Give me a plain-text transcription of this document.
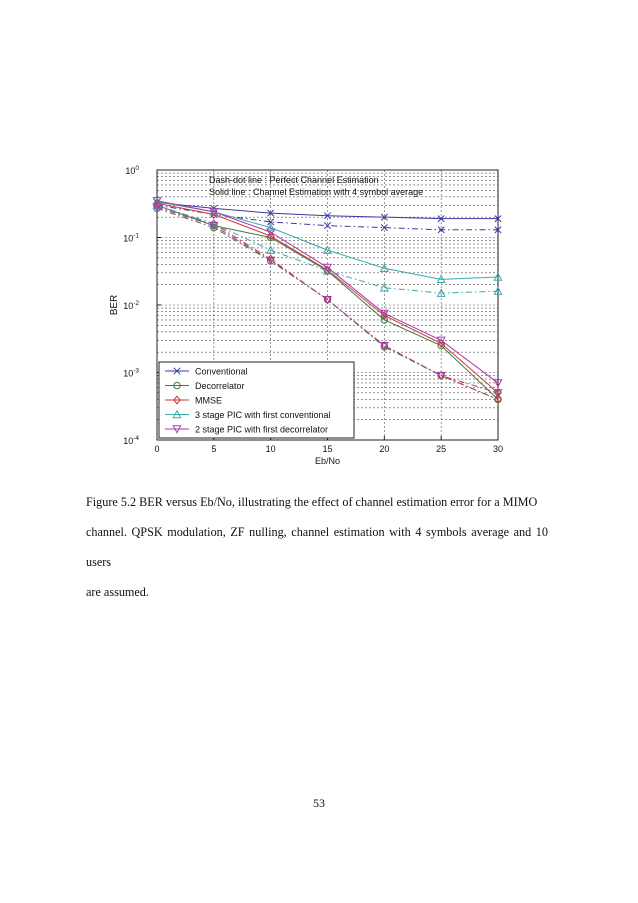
0	5	10	15	20	25	30
$10^0$
$10^{-1}$
$10^{-2}$
$10^{-3}$
$10^{-4}$
Eb/No
BER
Dash-dot line : Perfect Channel Estimation
Solid line : Channel Estimation with 4 symbol average
Conventional
Decorrelator
MMSE
3 stage PIC with first conventional
2 stage PIC with first decorrelator
Figure 5.2 BER versus Eb/No, illustrating the effect of channel estimation error for a MIMO
channel. QPSK modulation, ZF nulling, channel estimation with 4 symbols average and 10 users
are assumed.
53
